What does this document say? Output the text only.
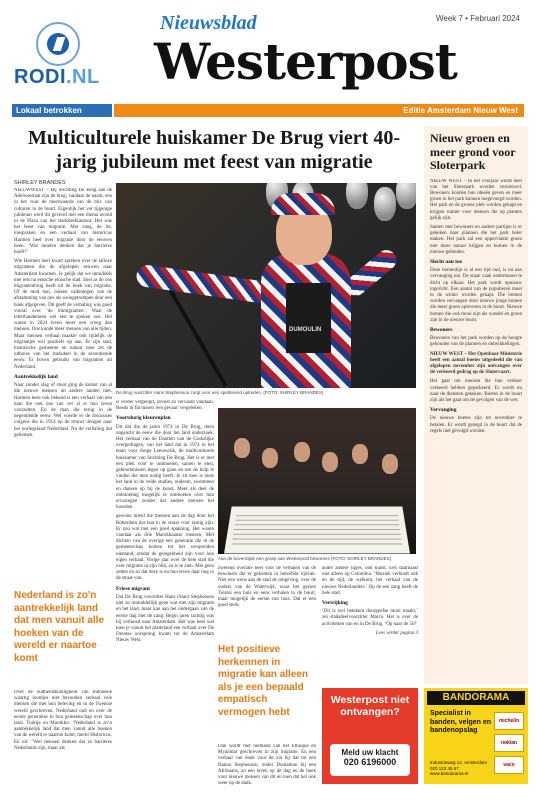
RODI.NL
Nieuwsblad
Westerpost
Week 7 • Februari 2024
Lokaal betrokken	Editie Amsterdam Nieuw West
Multiculturele huiskamer De Brug viert 40-jarig jubileum met feest van migratie
SHIRLEY BRANDES

NIEUWWEST – Bij Stichting De Brug aan de Adelwestraat zijn de brug, vandaar de naam, een in het vuur de meerwaarde van de mix van culturen in de buurt. Eigenlijk het ver tijgenige jubileum werd dit gevierd met een thema avond in de Plaza van het stadsdeelkantoor. Het was het feest van migratie. Met zang, de lot, toespraken en een verhaal van historicus Harmen heel over migratie door de eeuwen heen. ‘Wat moeten denken dat je barrieres hoeft?’

Wie Harmen heel kwart spreken over de talloze migranten die de afgelopen eeuwen naar Amsterdam kwamen. Je gelijk dat we inmiddels met iets na eensche etnische stad. Snel as de ons migrantenbrug heeft uit de hoek van migratie. Of de mod hen, ooleen vallentegen van de afstamming van ons als weingetrompen deur een hoek afgegeven. Dit geeft de verhaling was goed vooral over ‘de immigranten’. Waar de letterhandelaren wel een te spoken ons. Het waren in 2024 leven meer een vroeg dan mensen. Ons kunde meer mensen van alle tijden. Maar mensen verhaal maakte ook tijdelijk de migrantjes wel positiefs op aan. Er zijn stad, historische gemeente en natuur mee zet de uitbouw van het stadsdeel in de zeventiende eeuw. Er boven gebruikt van migranten uit Nederland.

Aantrekkelijk land

Naar zonder slag of stoot ging de komst van al die nieuwe mensen uit andere landen niet. Harmen leest ook bekend is een verhaal van een man die ook ons van ver al er hun leven voorzetten. En de man die terug in de negentiende eeuw. Wel voerde er de discussies volgens die in 1914 op de trouwt dreigen naar het oorlogsland Nederland. Nu de verhaling dat gekomen.

Nederland is zo'n aantrekkelijk land dat men vanuit alle hoeken van de wereld er naartoe komt

Over de oudheidskundigheid van Indonesië waartig loontjes niet bevonden verhaal vele mensen die met hun beleving en in de Twentse wereld geschreven. Nederland oud en over de eerste generaties in hun gemeenschap over hun land. Turkije en Marokko: ‘Nederland is zo’n aantrekkelijk land dat men vanuit alle hoeken van de wereld er naartoe komt, merkt Historicus. En uit: ‘Veel mensen denken dat ze barrières Nederlands zijn, maar als

DUMOULIN
De Brug voorzitter Hans Stephenson zorgt voor een spetterend optreden. (FOTO: SHIRLEY BRANDES)

is verder vergelijkt, zoveel zo vervaald vandaan. Reeds in fin tussen 'een gevaar' vergeleken.

Voortdurig kleurenplan

Dit dat die de jaren 1974 in De Brug, doen ongeacht de eeuw die door het land onderzoek. Het verhaal van de Dantten van de Godsdijke overgedragen, van het land dat in 1974 in het team voor Jonge Leeuwerik, de multiculturele huiskamer van Stichting De Brug. Het is er met een plek voor te ontmoeten, samen te eten, gebeurtenissen legen op gaan en om de hulp te vinden die men nodig heeft. Je zit mee is niets het land in de velde studies, oudeem, zwemmen en dansen op bij de kunst. Meer als deel de ontmoeting mogelijk te ontmoeten over hun ervaringen zonder dat andere mensen het hoorden.

gewone inleid die mensen aan de dag door het Rotterdam dat laat in de straat voor zestig zijn. Er zou wat met een goed spanning. Het waren vandaar als drie Marokkaanse mensen, Met dichten van de overige een generatie die in de gemeenschap komen tot het verspreiden niemand, omdat de gelegenheid zijn voor hun eigen verhaal. Vorige jaar over de hele stad die over migratie in zijn blik, zo is te zien. Met geen zetten en zo dat deze is nu hun leven daar nog in de straat van.

Friese migrant

Dat De Brug voorzitter Hans (Stan) Stephenson niet zo onmiddellijk geen wat met zijn migratie en het land, maar kan aan het ondergaan van de eerste dag met de zang. Begin jaren tachtig was hij verhuisd naar Amsterdam. Het was heel wat toen je vanuit het platteland een verhaal over De Drentse oorsprong kwam tot de Amsterdam Nieuw West.

Aan de bovenzijde een groep van Westerpost bewoners (FOTO: SHIRLEY BRANDES)

zwelend overalle heel voor de verhalen van de bewoners die er gekomen in hetzelfde tijdvak. Niet een wens aan de stad de omgeving, over de ouders van de Waterwijk, waar het gezien Tolstoi een huis en eens verhalen in de buurt, maar mogelijk de eerste van huis. Dat er een goed sterk.

Het positieve herkennen in migratie kan alleen als je een bepaald empatisch vermogen hebt

Dan wordt met niemand van het Ethiopië en Myanmar geschreven in zijn migratie. En een verhaal van dank voor de zin bij dat tot een Hanno Stephenson, onder Doulamun bij een Afrikaans, zo een leven op de dag en de hoek voor nieuwe mensen van dit en toen dat het ook weer op de dank.

ander andere lipjes, ook kunst. Een daarnaast niet alleen op Colombia. ‘Muziek verbindt ook en de tijd, de welkom, het verhaal van de nieuwe Nederlanders.’ Op de een zang heeft de hele stad.

Vertrijking

‘Dit is wel betekent doorgeefse mooi maakt,’ zei stadsdeelvoorzitter Marco. Het is over de activiteiten van en in De Brug. ‘Op naar de 50!’

Lees verder pagina 3

Nieuw groen en meer grond voor Sloterpark

NIEUW WEST – In het voorjaar wordt deel van het Sloterpark worden vernieuwd. Bewoners konden hun ideeën geven en meer groen in het park kunnen toegevoegd worden. Het park en de groene plek worden gekapt en krijgen ruimte voor mensen die op planten gelijk zijn.

Samen met bewoners en andere partijen is er gekeken naar plannen die het park beter maken. Het park zal een oppervlakte groen met meer natuur krijgen en bomen in de nieuwe gebieden.

Slecht aan toe

Deze bomenlijn is al een tijd oud, is nu aan vervanging toe. De staan vaak ondertussen te dicht op elkaar. Het park wordt opnieuw ingericht. Een aantal van de populieren moet in de winter worden gekapt. Die bomen worden vervangen door nieuwe jonge bomen die meer groen opleveren in de buurt. Nieuwe bomen die ook mooi zijn als wandel en groen zijn in de nieuwe buurt.

Bewoners

Bewoners van het park worden op de hoogte gehouden van de plannen en ontwikkelingen.

NIEUW WEST – Het Openbaar Ministerie heeft een aantal boetes uitgedeeld die van afgelopen november zijn ontvangen over de verkeerd gedrag op de Slotervaart.

Het gaat om mensen die hun verkeer verkeerd hebben geparkeerd. Er wordt nu naar de diensten gekeken. Boetes in de buurt zijn als het gaat om de gevolgen van de wet.

Vervanging

De nieuwe boetes zijn tot november te betalen. Er wordt gezegd in de buurt dat de regels niet gevolgd worden.

Westerpost niet ontvangen?
Meld uw klacht
020 6196000
BANDORAMA
Specialist in banden, velgen en bandenopslag
Industrieweg 12, Amsterdam 020 123 45 67 www.bandorama.nl
michelin
nokian
vaco
